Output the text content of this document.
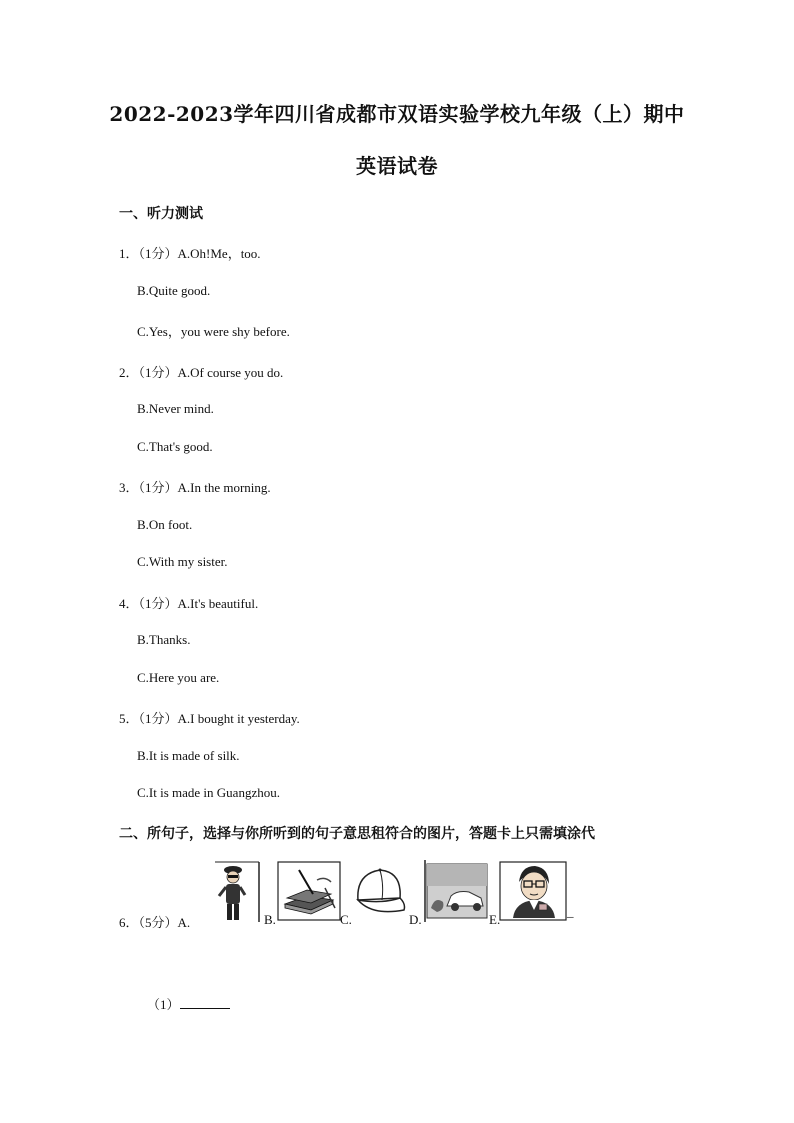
2022-2023学年四川省成都市双语实验学校九年级（上）期中
英语试卷
一、听力测试
1．（1分）A.Oh!Me，too.
B.Quite good.
C.Yes，you were shy before.
2．（1分）A.Of course you do.
B.Never mind.
C.That's good.
3．（1分）A.In the morning.
B.On foot.
C.With my sister.
4．（1分）A.It's beautiful.
B.Thanks.
C.Here you are.
5．（1分）A.I bought it yesterday.
B.It is made of silk.
C.It is made in Guangzhou.
二、所句子，选择与你所听到的句子意思租符合的图片，答题卡上只需填涂代
6．（5分）A.	B.	C.	D.	E.
_
（1）
